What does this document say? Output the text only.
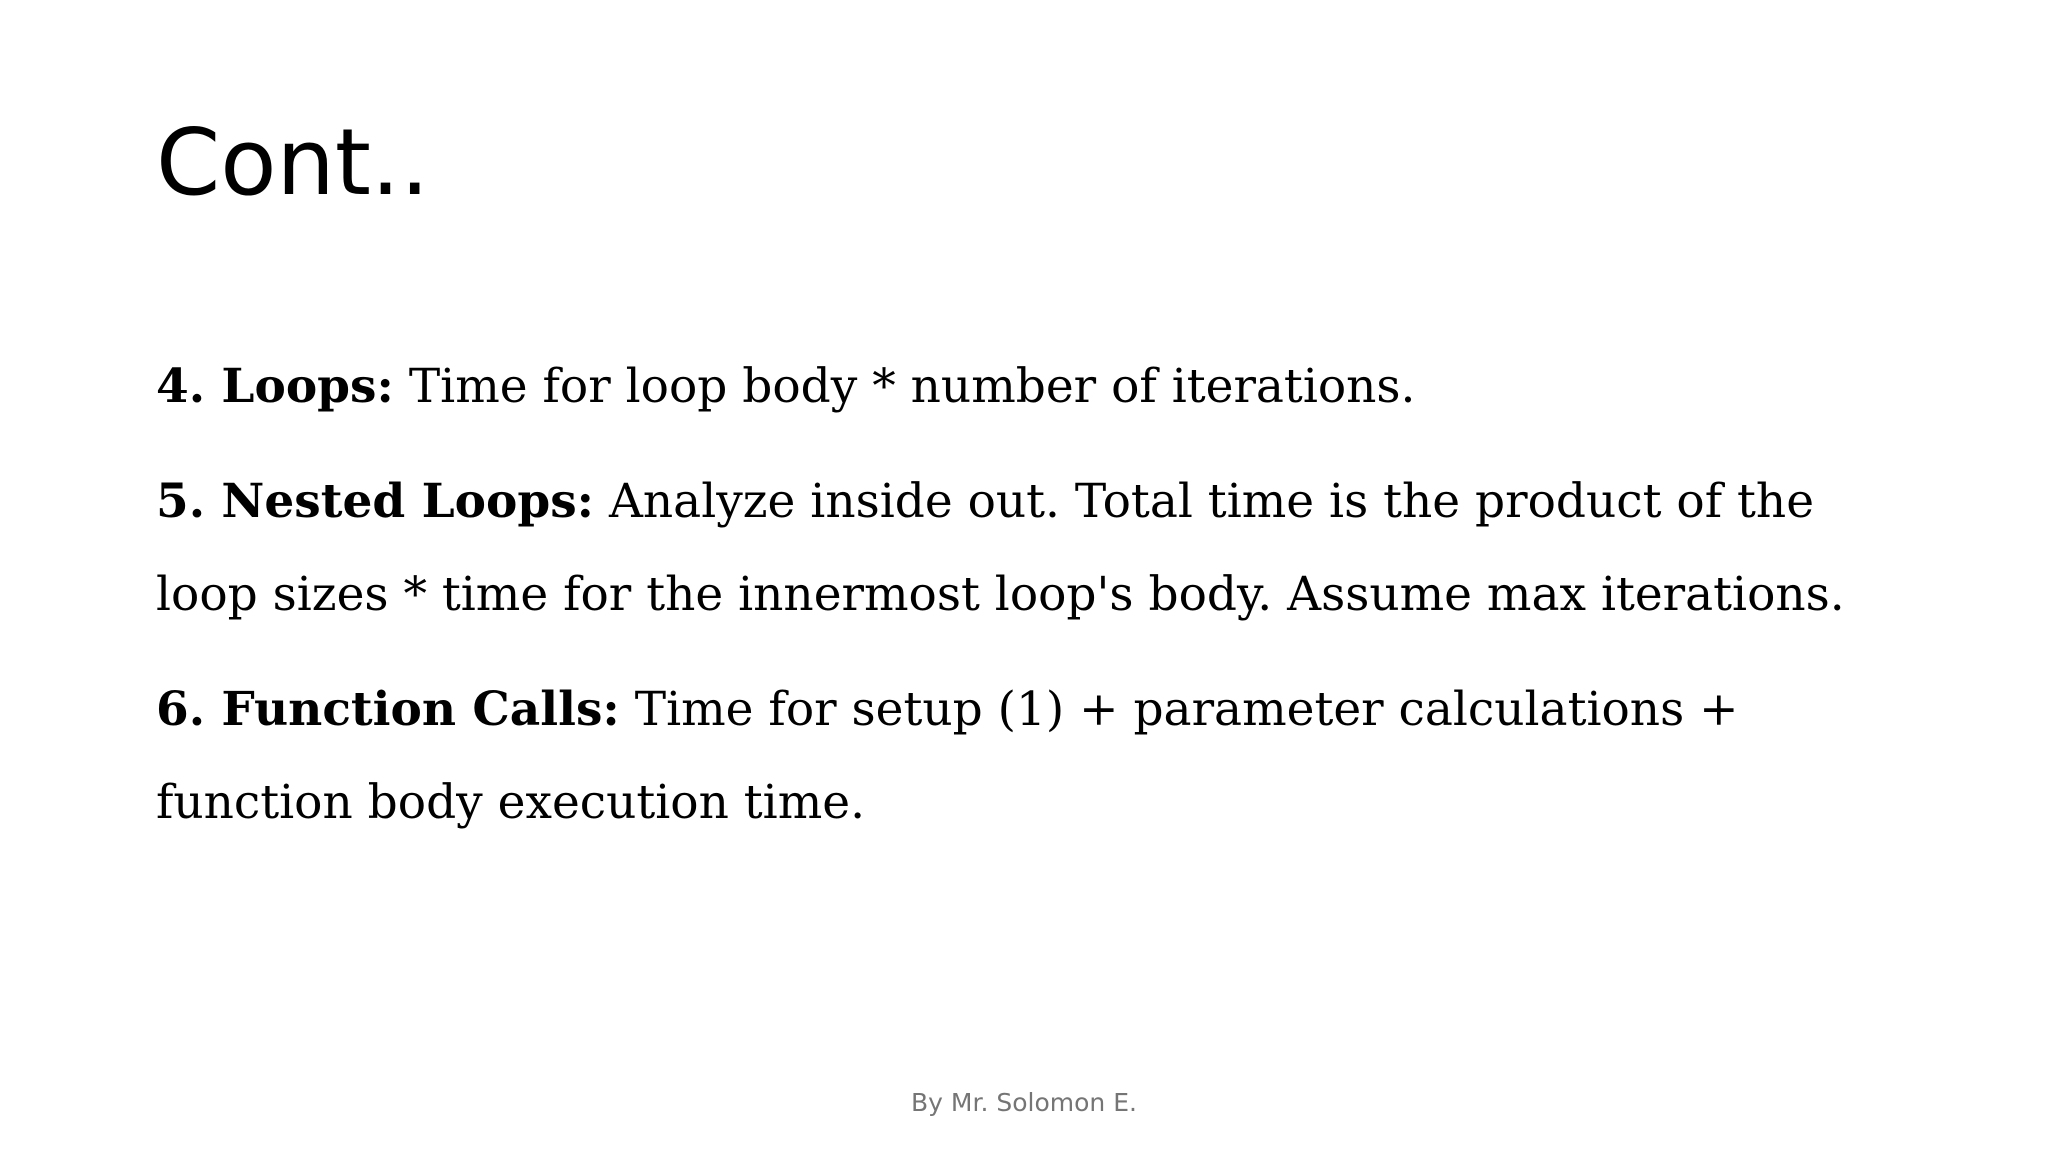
Cont..

4. Loops: Time for loop body * number of iterations.

5. Nested Loops: Analyze inside out. Total time is the product of the loop sizes * time for the innermost loop's body. Assume max iterations.

6. Function Calls: Time for setup (1) + parameter calculations + function body execution time.

By Mr. Solomon E.
